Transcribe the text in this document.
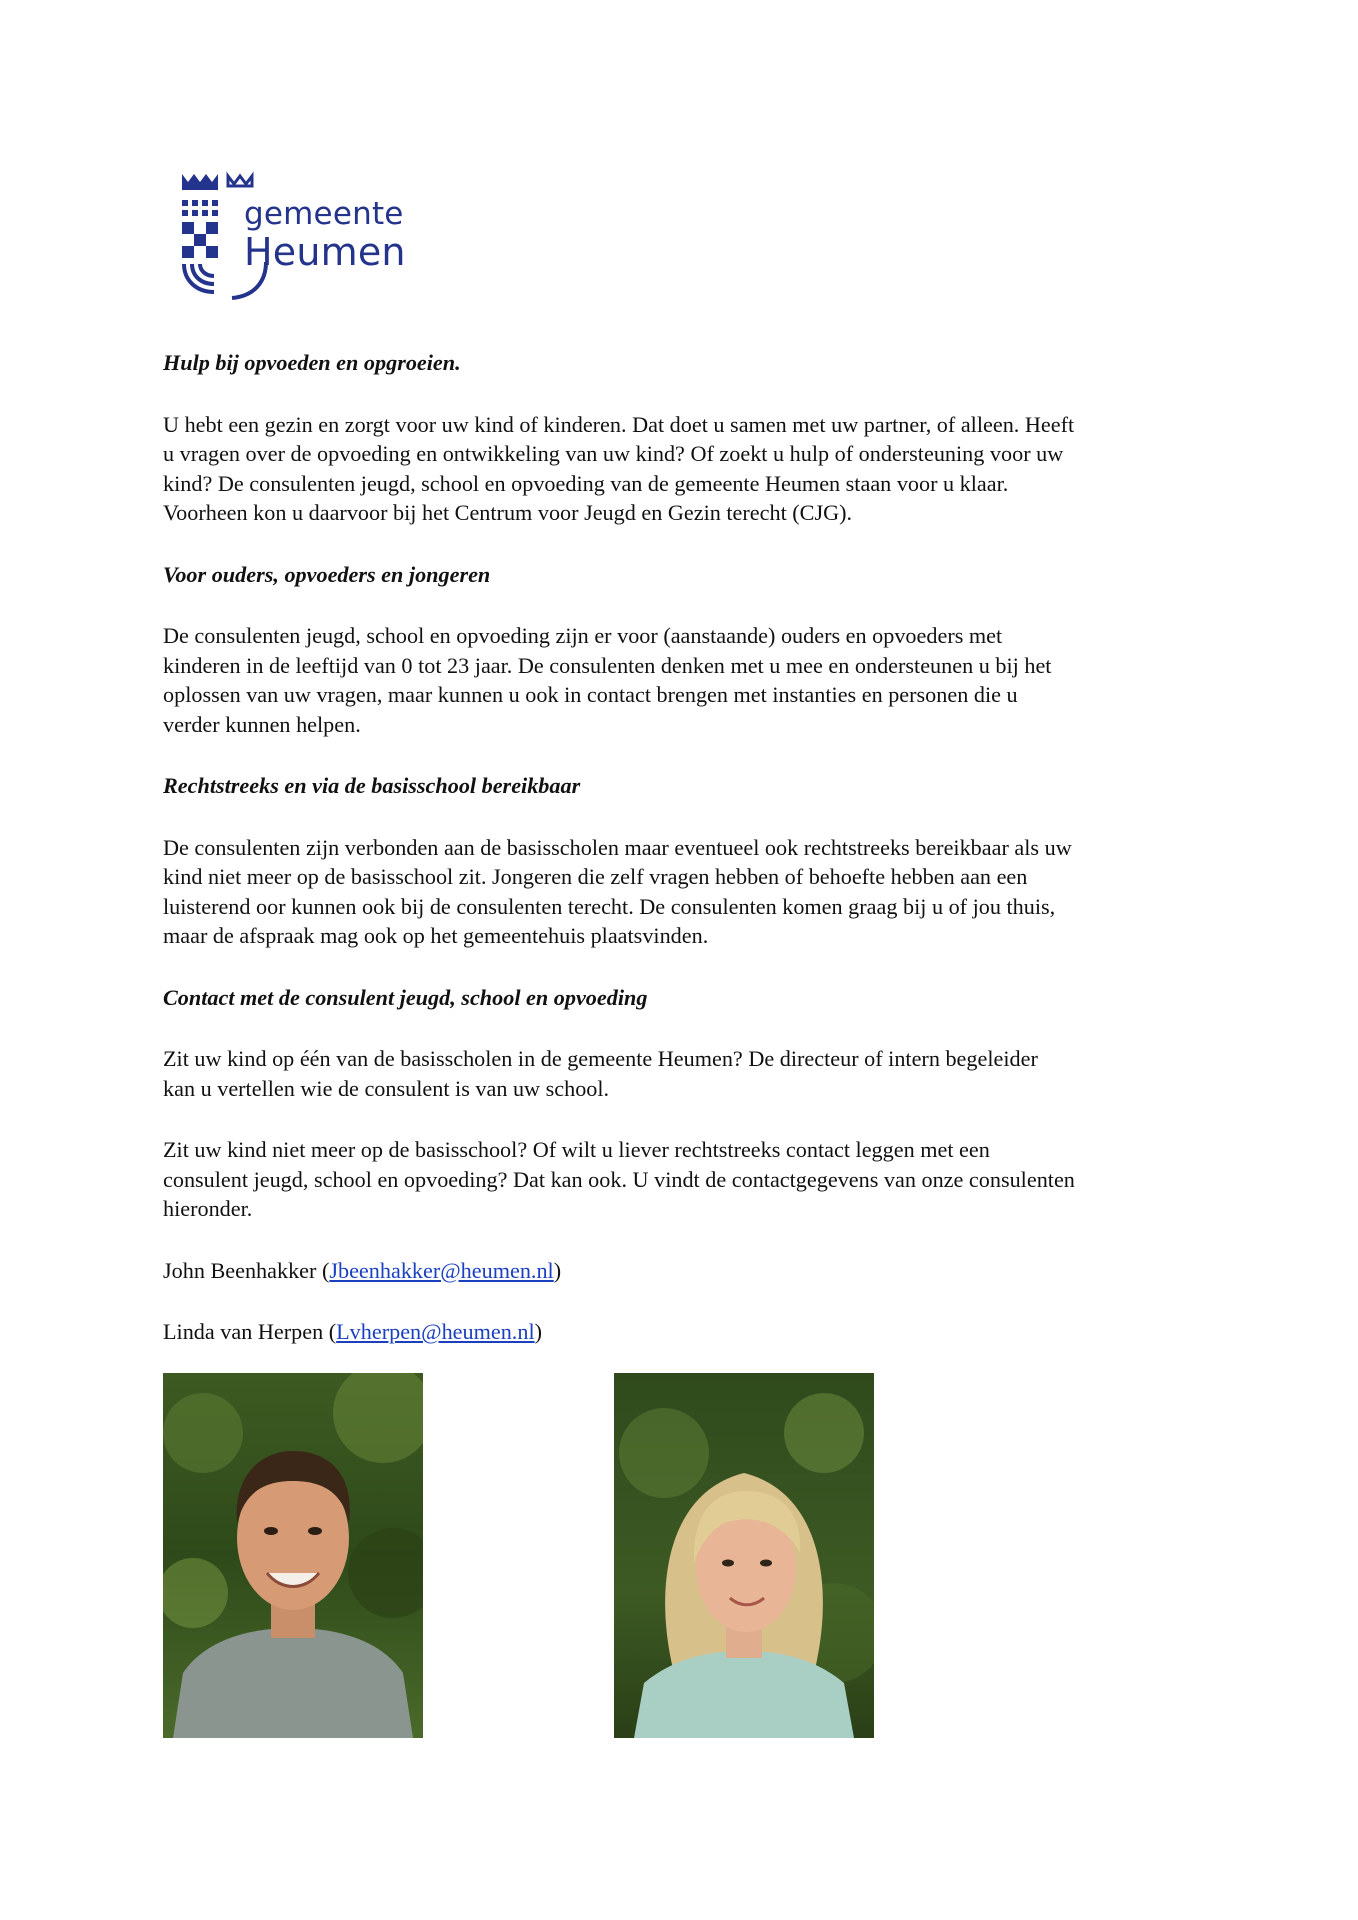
gemeente
Heumen

Hulp bij opvoeden en opgroeien.

U hebt een gezin en zorgt voor uw kind of kinderen. Dat doet u samen met uw partner, of alleen. Heeft

u vragen over de opvoeding en ontwikkeling van uw kind? Of zoekt u hulp of ondersteuning voor uw

kind? De consulenten jeugd, school en opvoeding van de gemeente Heumen staan voor u klaar.

Voorheen kon u daarvoor bij het Centrum voor Jeugd en Gezin terecht (CJG).

Voor ouders, opvoeders en jongeren

De consulenten jeugd, school en opvoeding zijn er voor (aanstaande) ouders en opvoeders met

kinderen in de leeftijd van 0 tot 23 jaar. De consulenten denken met u mee en ondersteunen u bij het

oplossen van uw vragen, maar kunnen u ook in contact brengen met instanties en personen die u

verder kunnen helpen.

Rechtstreeks en via de basisschool bereikbaar

De consulenten zijn verbonden aan de basisscholen maar eventueel ook rechtstreeks bereikbaar als uw

kind niet meer op de basisschool zit. Jongeren die zelf vragen hebben of behoefte hebben aan een

luisterend oor kunnen ook bij de consulenten terecht. De consulenten komen graag bij u of jou thuis,

maar de afspraak mag ook op het gemeentehuis plaatsvinden.

Contact met de consulent jeugd, school en opvoeding

Zit uw kind op één van de basisscholen in de gemeente Heumen? De directeur of intern begeleider

kan u vertellen wie de consulent is van uw school.

Zit uw kind niet meer op de basisschool? Of wilt u liever rechtstreeks contact leggen met een

consulent jeugd, school en opvoeding? Dat kan ook. U vindt de contactgegevens van onze consulenten

hieronder.

John Beenhakker (Jbeenhakker@heumen.nl)

Linda van Herpen (Lvherpen@heumen.nl)
